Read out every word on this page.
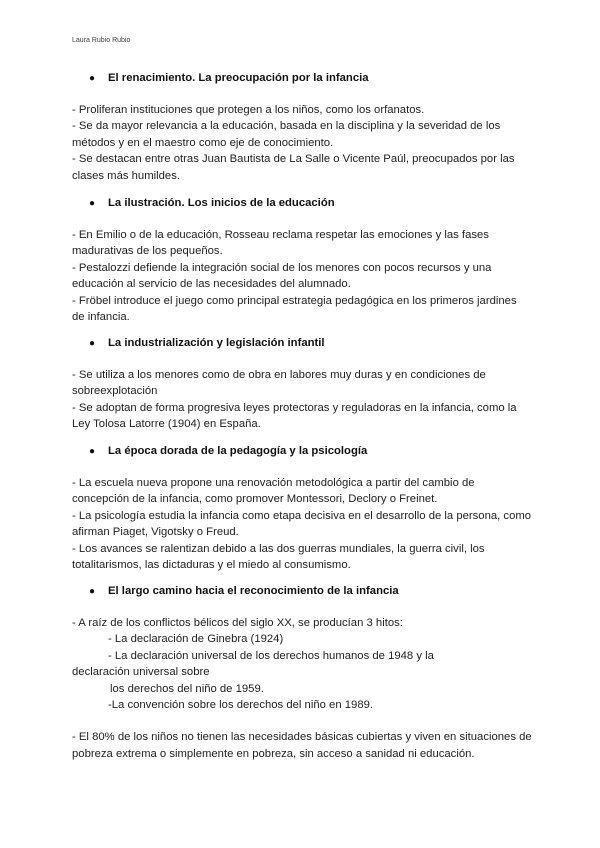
Laura Rubio Rubio
● El renacimiento. La preocupación por la infancia

- Proliferan instituciones que protegen a los niños, como los orfanatos.

- Se da mayor relevancia a la educación, basada en la disciplina y la severidad de los métodos y en el maestro como eje de conocimiento.

- Se destacan entre otras Juan Bautista de La Salle o Vicente Paúl, preocupados por las clases más humildes.

● La ilustración. Los inicios de la educación

- En Emilio o de la educación, Rosseau reclama respetar las emociones y las fases madurativas de los pequeños.

- Pestalozzi defiende la integración social de los menores con pocos recursos y una educación al servicio de las necesidades del alumnado.

- Fröbel introduce el juego como principal estrategia pedagógica en los primeros jardines de infancia.

● La industrialización y legislación infantil

- Se utiliza a los menores como de obra en labores muy duras y en condiciones de sobreexplotación

- Se adoptan de forma progresiva leyes protectoras y reguladoras en la infancia, como la Ley Tolosa Latorre (1904) en España.

● La época dorada de la pedagogía y la psicología

- La escuela nueva propone una renovación metodológica a partir del cambio de concepción de la infancia, como promover Montessori, Declory o Freinet.

- La psicología estudia la infancia como etapa decisiva en el desarrollo de la persona, como afirman Piaget, Vigotsky o Freud.

- Los avances se ralentizan debido a las dos guerras mundiales, la guerra civil, los totalitarismos, las dictaduras y el miedo al consumismo.

● El largo camino hacia el reconocimiento de la infancia

- A raíz de los conflictos bélicos del siglo XX, se producían 3 hitos:

- La declaración de Ginebra (1924)

- La declaración universal de los derechos humanos de 1948 y la

declaración universal sobre

los derechos del niño de 1959.

-La convención sobre los derechos del niño en 1989.

- El 80% de los niños no tienen las necesidades básicas cubiertas y viven en situaciones de pobreza extrema o simplemente en pobreza, sin acceso a sanidad ni educación.
